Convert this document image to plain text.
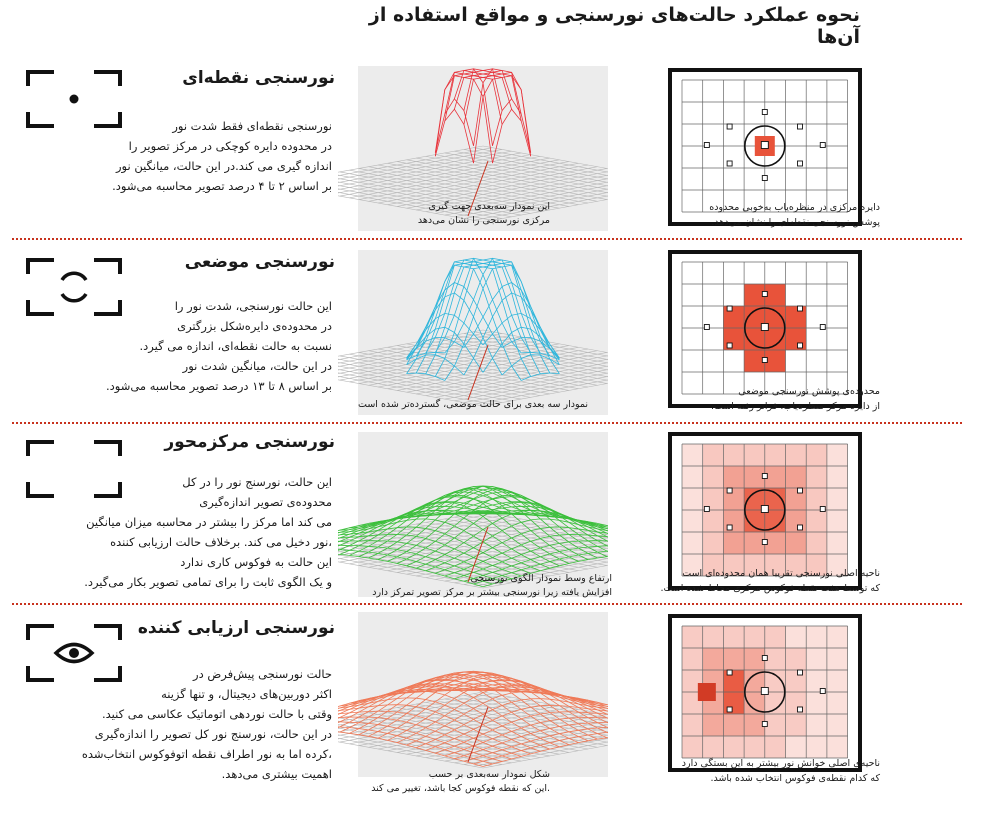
نحوه عملکرد حالت‌های نورسنجی و مواقع استفاده از آن‌ها
نورسنجی نقطه‌ای
نورسنجی نقطه‌ای فقط شدت نور
در محدوده دایره کوچکی در مرکز تصویر را
اندازه گیری می کند.در این حالت، میانگین نور
بر اساس ۲ تا ۴ درصد تصویر محاسبه می‌شود.
این نمودار سه‌بعدی جهت گیری
مرکزی نورسنجی را نشان می‌دهد
دایره مرکزی در منظره‌یاب به‌خوبی محدوده
پوشش نورسنجی نقطه‌ای را نشان می‌دهد.
نورسنجی موضعی
این حالت نورسنجی، شدت نور را
در محدوده‌ی دایره‌شکل بزرگتری
نسبت به حالت نقطه‌ای، اندازه می گیرد.
در این حالت، میانگین شدت نور
بر اساس ۸ تا ۱۳ درصد تصویر محاسبه می‌شود.
نمودار سه بعدی برای حالت موضعی، گسترده‌تر شده است
محدوده‌ی پوشش نورسنجی موضعی
از دایره مرکز منظره‌یاب، فراتر رفته است.
نورسنجی مرکزمحور
این حالت، نورسنج نور را در کل
محدوده‌ی تصویر اندازه‌گیری
می کند اما مرکز را بیشتر در محاسبه میزان میانگین
،نور دخیل می کند. برخلاف حالت ارزیابی کننده
این حالت به فوکوس کاری ندارد
و یک الگوی ثابت را برای تمامی تصویر بکار می‌گیرد.	ارتفاع وسط نمودار الگوی نورسنجی
افزایش یافته زیرا نورسنجی بیشتر بر مرکز تصویر تمرکز دارد
ناحیه اصلی نورسنجی تقریبا همان محدوده‌ای است
که توسط هفت نقطه فوکوس مرکزی محاط شده است.
نورسنجی ارزیابی کننده
حالت نورسنجی پیش‌فرض در
اکثر دوربین‌های دیجیتال، و تنها گزینه
وقتی با حالت نوردهی اتوماتیک عکاسی می کنید.
در این حالت، نورسنج نور کل تصویر را اندازه‌گیری
،کرده اما به نور اطراف نقطه اتوفوکوس انتخاب‌شده
اهمیت بیشتری می‌دهد.	شکل نمودار سه‌بعدی بر حسب
.این که نقطه فوکوس کجا باشد، تغییر می کند
ناحیه‌ی اصلی خوانش نور بیشتر به این بستگی دارد
که کدام نقطه‌ی فوکوس انتخاب شده باشد.
